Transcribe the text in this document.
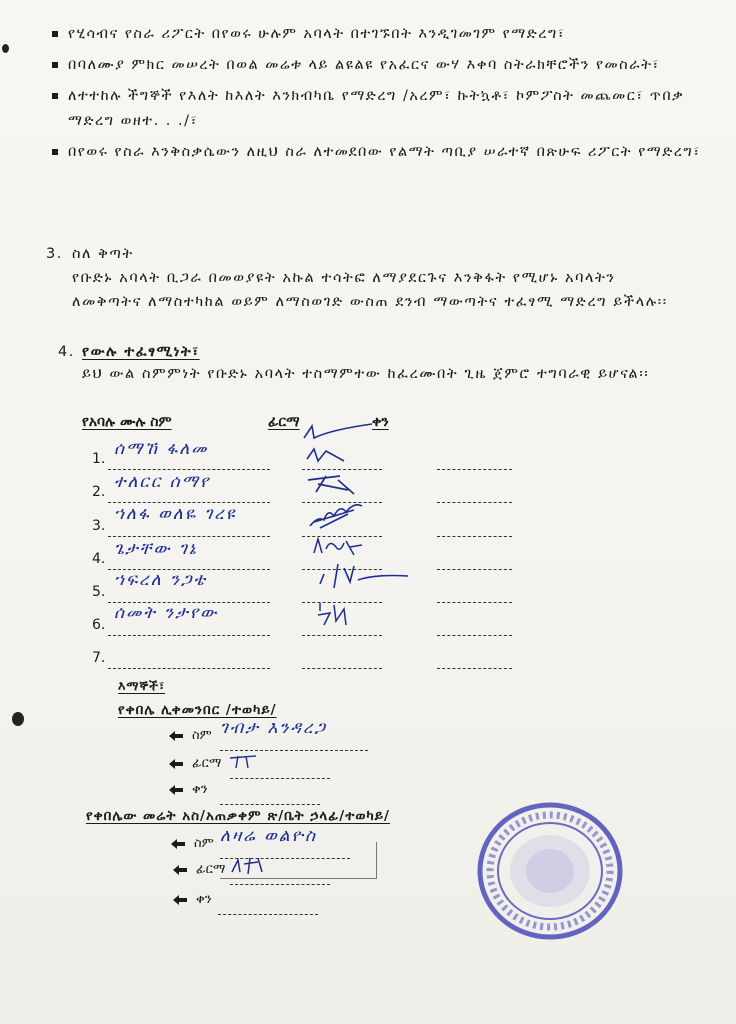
የሂሳብና የስራ ሪፖርት በየወሩ ሁሉም አባላት በተገኙበት እንዲገመገም የማድረግ፣
በባለሙያ ምክር መሠረት በወል መሬቱ ላይ ልዩልዩ የአፈርና ውሃ እቀባ ስትራክቸሮችን የመስራት፣
ለተተከሉ ችግኞች የእለት ከእለት እንክብካቤ የማድረግ /አረም፣ ኩትኳቶ፣ ኮምፖስት መጨመር፣ ጥበቃ ማድረግ ወዘተ. . ./፣
በየወሩ የስራ እንቅስቃሴውን ለዚህ ስራ ለተመደበው የልማት ጣቢያ ሠራተኛ በጽሁፍ ሪፖርት የማድረግ፣
3. ስለ ቅጣት
የቡድኑ አባላት ቢጋራ በመወያዩት አኩል ተሳትፎ ለማያደርጉና እንቅፋት የሚሆኑ አባላትን ለመቅጣትና ለማስተካከል ወይም ለማስወገድ ውስጠ ደንብ ማውጣትና ተፈፃሚ ማድረግ ይችላሉ፡፡
4. የውሉ ተፈፃሚነት፣
ይህ ውል ስምምነት የቡድኑ አባላት ተስማምተው ከፈረሙበት ጊዜ ጀምሮ ተግባራዊ ይሆናል፡፡
የአባሉ ሙሉ ስም	ፊርማ	ቀን
1. ሰማኸ ፋለመ
2. ተለርር ሰማየ
3.
ኀለፋ ወለዬ ገረዩ
4. ጌታቸው ገኔ
5.
ኀፍረለ ንጋቴ
6.
ሰመት ንታየው
7.
እማኞች፣
የቀበሌ ሊቀመንበር /ተወካይ/
ስም ገብታ እንዳረጋ
ፊርማ
ቀን
የቀበሌው መሬት አስ/አጠቃቀም ጽ/ቤት ኃላፊ/ተወካይ/
ስም ለዛሬ ወልዮስ
ፊርማ
ቀን
